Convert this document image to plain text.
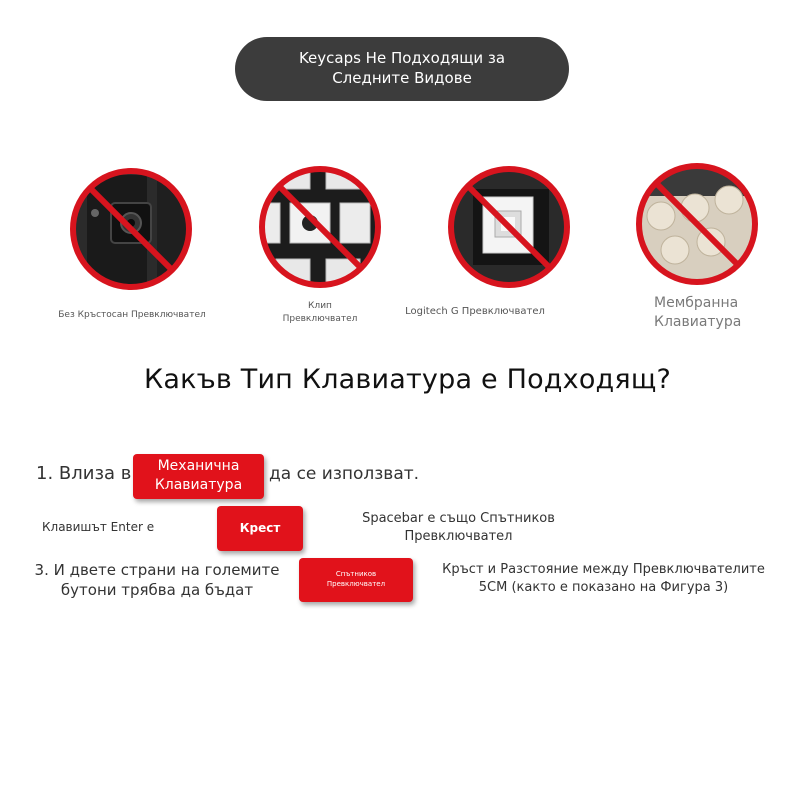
Keycaps Не Подходящи за Следните Видове
Без Кръстосан Превключвател
Клип Превключвател
Logitech G Превключвател
Мембранна Клавиатура
Какъв Тип Клавиатура е Подходящ?
1. Влиза в	Механична Клавиатура
да се използват.
Клавишът Enter е	Крест
Spacebar е също Спътников Превключвател
3. И двете страни на големите бутони трябва да бъдат
Спътников Превключвател
Кръст и Разстояние между Превключвателите 5CM (както е показано на Фигура 3)
